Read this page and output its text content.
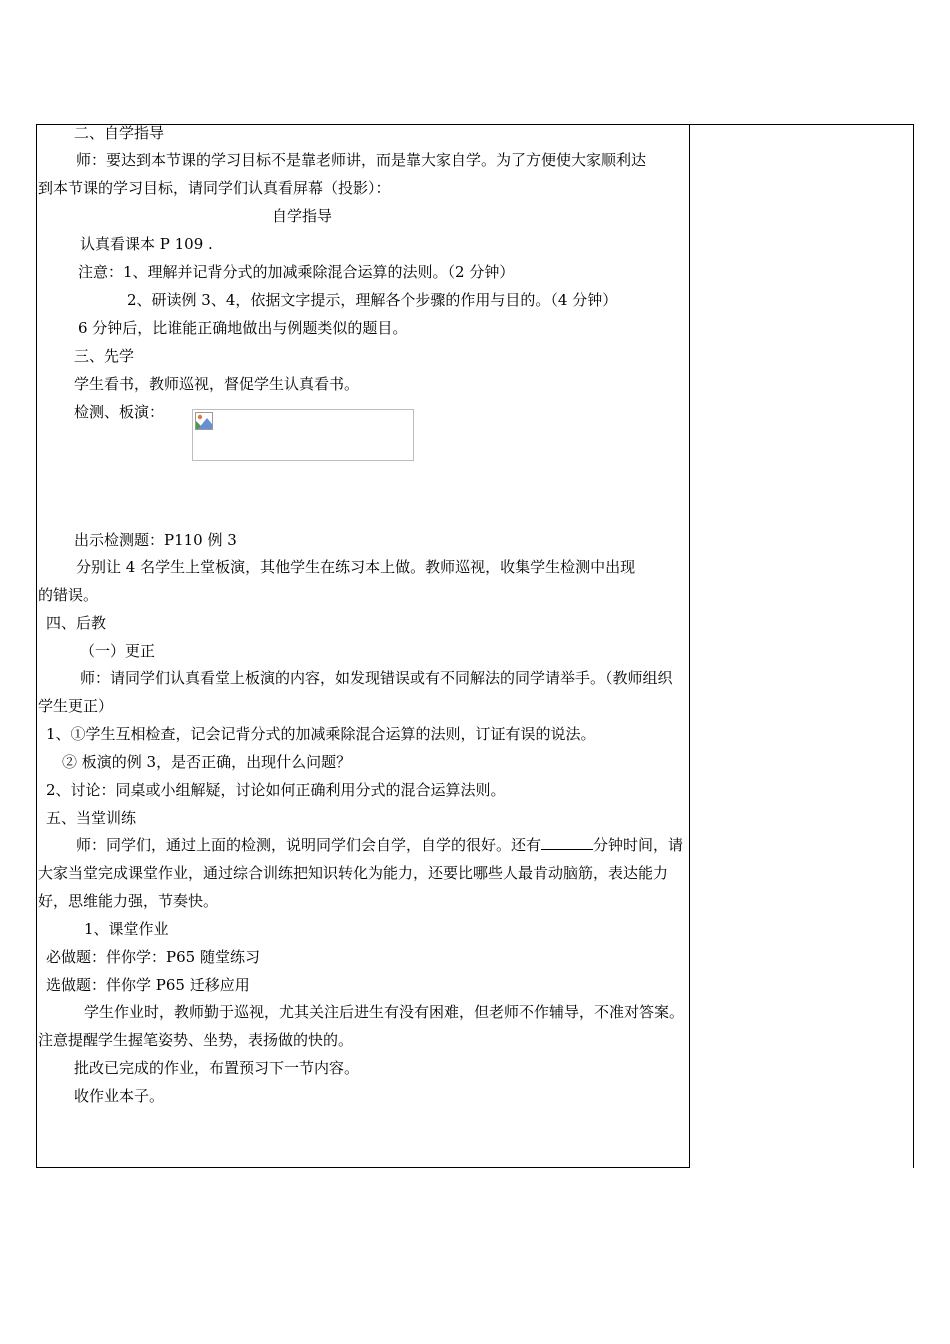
二、自学指导
师：要达到本节课的学习目标不是靠老师讲，而是靠大家自学。为了方便使大家顺利达到本节课的学习目标，请同学们认真看屏幕（投影）：
自学指导
认真看课本 P 109 .
注意：1、理解并记背分式的加减乘除混合运算的法则。（2 分钟）
2、研读例 3、4，依据文字提示，理解各个步骤的作用与目的。（4 分钟）
6 分钟后，比谁能正确地做出与例题类似的题目。
三、先学
学生看书，教师巡视，督促学生认真看书。
检测、板演：
出示检测题：P110 例 3
分别让 4 名学生上堂板演，其他学生在练习本上做。教师巡视，收集学生检测中出现的错误。
四、后教
（一）更正
师：请同学们认真看堂上板演的内容，如发现错误或有不同解法的同学请举手。（教师组织学生更正）
1、①学生互相检查，记会记背分式的加减乘除混合运算的法则，订证有误的说法。
② 板演的例 3，是否正确，出现什么问题？
2、讨论：同桌或小组解疑，讨论如何正确利用分式的混合运算法则。
五、当堂训练
师：同学们，通过上面的检测，说明同学们会自学，自学的很好。还有	分钟时间，请大家当堂完成课堂作业，通过综合训练把知识转化为能力，还要比哪些人最肯动脑筋，表达能力好，思维能力强，节奏快。
1、课堂作业
必做题：伴你学：P65 随堂练习
选做题：伴你学 P65 迁移应用
学生作业时，教师勤于巡视，尤其关注后进生有没有困难，但老师不作辅导，不准对答案。注意提醒学生握笔姿势、坐势，表扬做的快的。
批改已完成的作业，布置预习下一节内容。
收作业本子。
